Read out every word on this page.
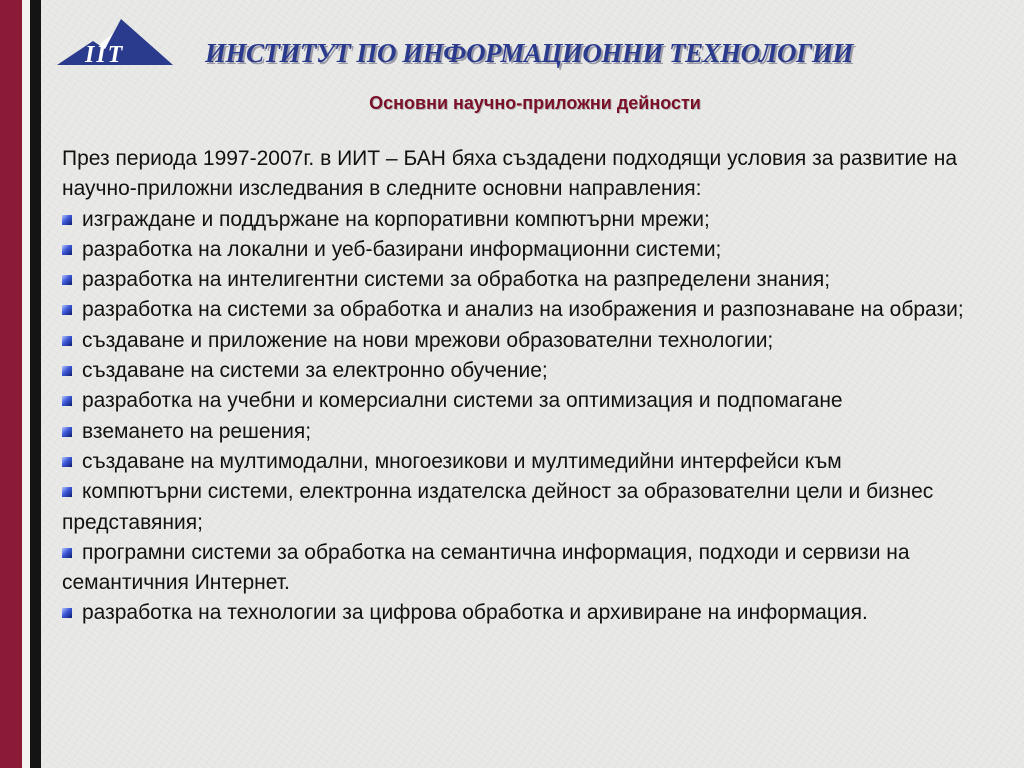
IIT	ИНСТИТУТ ПО ИНФОРМАЦИОННИ ТЕХНОЛОГИИ
Основни научно-приложни дейности

През периода 1997-2007г. в ИИТ – БАН бяха създадени подходящи условия за развитие на научно-приложни изследвания в следните основни направления:

изграждане и поддържане на корпоративни компютърни мрежи;
разработка на локални и уеб-базирани информационни системи;
разработка на интелигентни системи за обработка на разпределени знания;
разработка на системи за обработка и анализ на изображения и разпознаване на образи;
създаване и приложение на нови мрежови образователни технологии;
създаване на системи за електронно обучение;
разработка на учебни и комерсиални системи за оптимизация и подпомагане
вземането на решения;
създаване на мултимодални, многоезикови и мултимедийни интерфейси към
компютърни системи, електронна издателска дейност за образователни цели и бизнес представяния;
програмни системи за обработка на семантична информация, подходи и сервизи на семантичния Интернет.
разработка на технологии за цифрова обработка и архивиране на информация.
